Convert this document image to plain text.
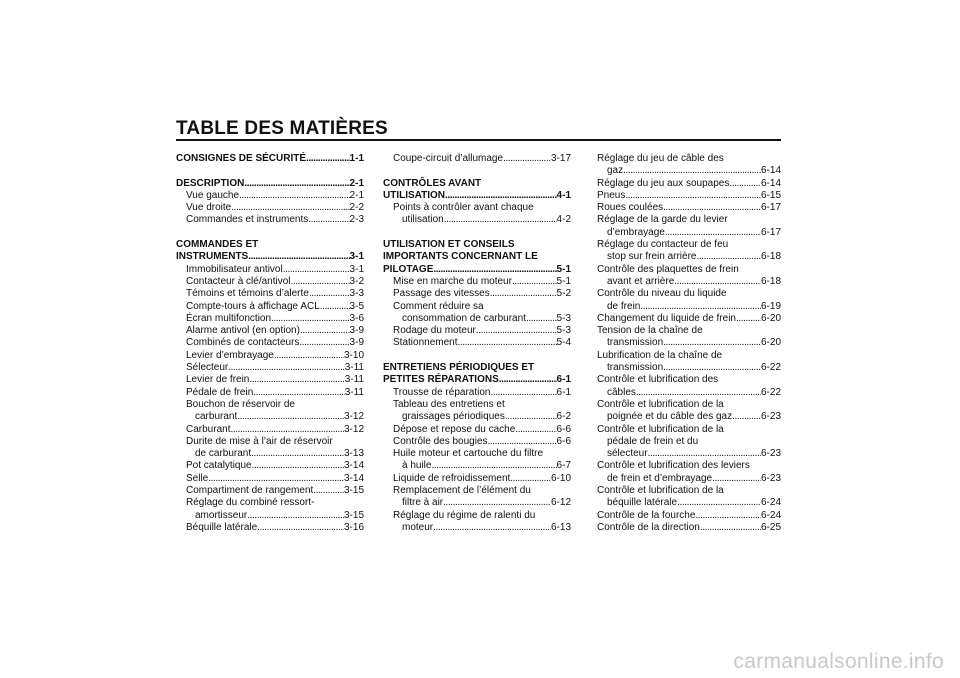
TABLE DES MATIÈRES
CONSIGNES DE SÉCURITÉ .....	1-1
DESCRIPTION .....	2-1
Vue gauche .....	2-1
Vue droite .....	2-2
Commandes et instruments .....	2-3
COMMANDES ET
INSTRUMENTS .....	3-1
Immobilisateur antivol .....	3-1
Contacteur à clé/antivol .....	3-2
Témoins et témoins d’alerte .....	3-3
Compte-tours à affichage ACL .....	3-5
Écran multifonction .....	3-6
Alarme antivol (en option) .....	3-9
Combinés de contacteurs .....	3-9
Levier d’embrayage .....	3-10
Sélecteur .....	3-11
Levier de frein .....	3-11
Pédale de frein .....	3-11
Bouchon de réservoir de
carburant .....	3-12
Carburant .....	3-12
Durite de mise à l’air de réservoir
de carburant .....	3-13
Pot catalytique .....	3-14
Selle .....	3-14
Compartiment de rangement .....	3-15
Réglage du combiné ressort-
amortisseur .....	3-15
Béquille latérale .....	3-16
Coupe-circuit d’allumage .....	3-17
CONTRÔLES AVANT
UTILISATION .....	4-1
Points à contrôler avant chaque
utilisation .....	4-2
UTILISATION ET CONSEILS
IMPORTANTS CONCERNANT LE
PILOTAGE .....	5-1
Mise en marche du moteur .....	5-1
Passage des vitesses .....	5-2
Comment réduire sa
consommation de carburant .....	5-3
Rodage du moteur .....	5-3
Stationnement .....	5-4
ENTRETIENS PÉRIODIQUES ET
PETITES RÉPARATIONS .....	6-1
Trousse de réparation .....	6-1
Tableau des entretiens et
graissages périodiques .....	6-2
Dépose et repose du cache .....	6-6
Contrôle des bougies .....	6-6
Huile moteur et cartouche du filtre
à huile .....	6-7
Liquide de refroidissement .....	6-10
Remplacement de l’élément du
filtre à air .....	6-12
Réglage du régime de ralenti du
moteur .....	6-13
Réglage du jeu de câble des
gaz .....	6-14
Réglage du jeu aux soupapes .....	6-14
Pneus .....	6-15
Roues coulées .....	6-17
Réglage de la garde du levier
d’embrayage .....	6-17
Réglage du contacteur de feu
stop sur frein arrière .....	6-18
Contrôle des plaquettes de frein
avant et arrière .....	6-18
Contrôle du niveau du liquide
de frein .....	6-19
Changement du liquide de frein .....	6-20
Tension de la chaîne de
transmission .....	6-20
Lubrification de la chaîne de
transmission .....	6-22
Contrôle et lubrification des
câbles .....	6-22
Contrôle et lubrification de la
poignée et du câble des gaz .....	6-23
Contrôle et lubrification de la
pédale de frein et du
sélecteur .....	6-23
Contrôle et lubrification des leviers
de frein et d’embrayage .....	6-23
Contrôle et lubrification de la
béquille latérale .....	6-24
Contrôle de la fourche .....	6-24
Contrôle de la direction .....	6-25
carmanualsonline.info
